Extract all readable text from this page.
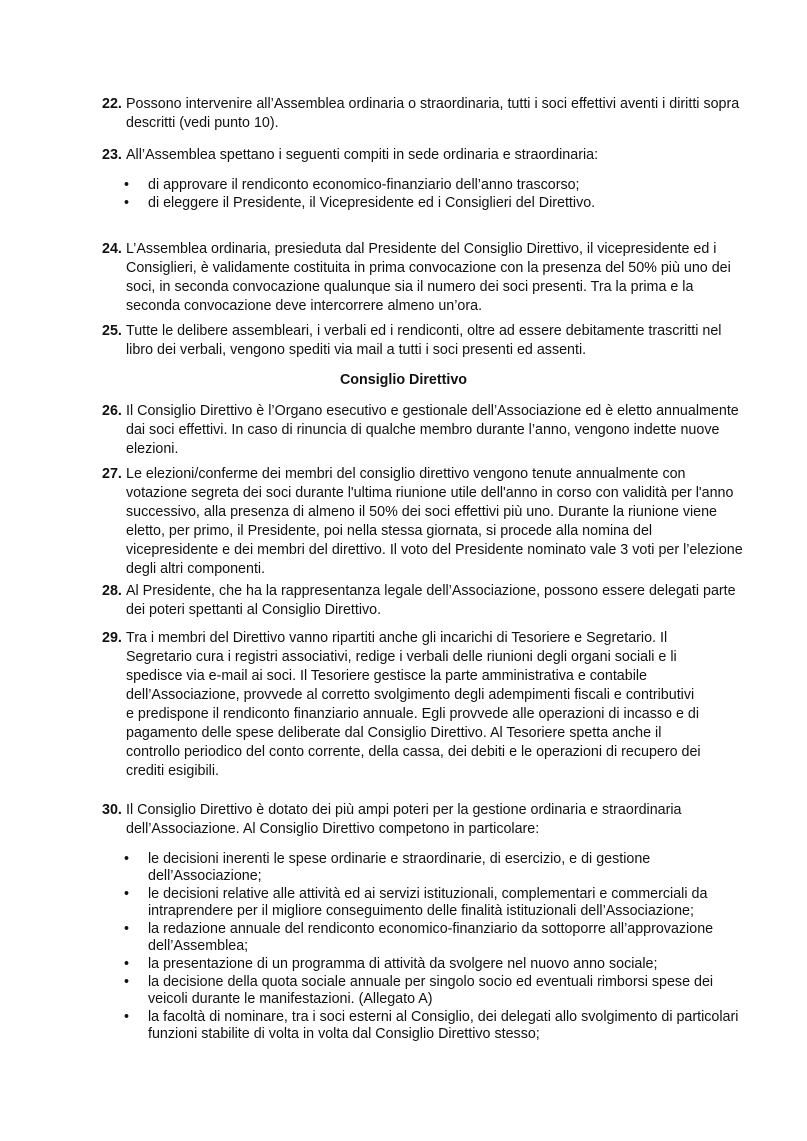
22. Possono intervenire all’Assemblea ordinaria o straordinaria, tutti i soci effettivi aventi i diritti sopra
descritti (vedi punto 10).
23. All’Assemblea spettano i seguenti compiti in sede ordinaria e straordinaria:
• di approvare il rendiconto economico-finanziario dell’anno trascorso;
• di eleggere il Presidente, il Vicepresidente ed i Consiglieri del Direttivo.
24. L’Assemblea ordinaria, presieduta dal Presidente del Consiglio Direttivo, il vicepresidente ed i
Consiglieri, è validamente costituita in prima convocazione con la presenza del 50% più uno dei
soci, in seconda convocazione qualunque sia il numero dei soci presenti. Tra la prima e la
seconda convocazione deve intercorrere almeno un’ora.
25. Tutte le delibere assembleari, i verbali ed i rendiconti, oltre ad essere debitamente trascritti nel
libro dei verbali, vengono spediti via mail a tutti i soci presenti ed assenti.
Consiglio Direttivo
26. Il Consiglio Direttivo è l’Organo esecutivo e gestionale dell’Associazione ed è eletto annualmente
dai soci effettivi. In caso di rinuncia di qualche membro durante l’anno, vengono indette nuove
elezioni.
27. Le elezioni/conferme dei membri del consiglio direttivo vengono tenute annualmente con
votazione segreta dei soci durante l'ultima riunione utile dell'anno in corso con validità per l'anno
successivo, alla presenza di almeno il 50% dei soci effettivi più uno. Durante la riunione viene
eletto, per primo, il Presidente, poi nella stessa giornata, si procede alla nomina del
vicepresidente e dei membri del direttivo. Il voto del Presidente nominato vale 3 voti per l’elezione
degli altri componenti.
28. Al Presidente, che ha la rappresentanza legale dell’Associazione, possono essere delegati parte
dei poteri spettanti al Consiglio Direttivo.
29. Tra i membri del Direttivo vanno ripartiti anche gli incarichi di Tesoriere e Segretario. Il
Segretario cura i registri associativi, redige i verbali delle riunioni degli organi sociali e li
spedisce via e-mail ai soci. Il Tesoriere gestisce la parte amministrativa e contabile
dell’Associazione, provvede al corretto svolgimento degli adempimenti fiscali e contributivi
e predispone il rendiconto finanziario annuale. Egli provvede alle operazioni di incasso e di
pagamento delle spese deliberate dal Consiglio Direttivo. Al Tesoriere spetta anche il
controllo periodico del conto corrente, della cassa, dei debiti e le operazioni di recupero dei
crediti esigibili.
30. Il Consiglio Direttivo è dotato dei più ampi poteri per la gestione ordinaria e straordinaria
dell’Associazione. Al Consiglio Direttivo competono in particolare:
• le decisioni inerenti le spese ordinarie e straordinarie, di esercizio, e di gestione
dell’Associazione;
• le decisioni relative alle attività ed ai servizi istituzionali, complementari e commerciali da
intraprendere per il migliore conseguimento delle finalità istituzionali dell’Associazione;
• la redazione annuale del rendiconto economico-finanziario da sottoporre all’approvazione
dell’Assemblea;
• la presentazione di un programma di attività da svolgere nel nuovo anno sociale;
• la decisione della quota sociale annuale per singolo socio ed eventuali rimborsi spese dei
veicoli durante le manifestazioni. (Allegato A)
• la facoltà di nominare, tra i soci esterni al Consiglio, dei delegati allo svolgimento di particolari
funzioni stabilite di volta in volta dal Consiglio Direttivo stesso;
